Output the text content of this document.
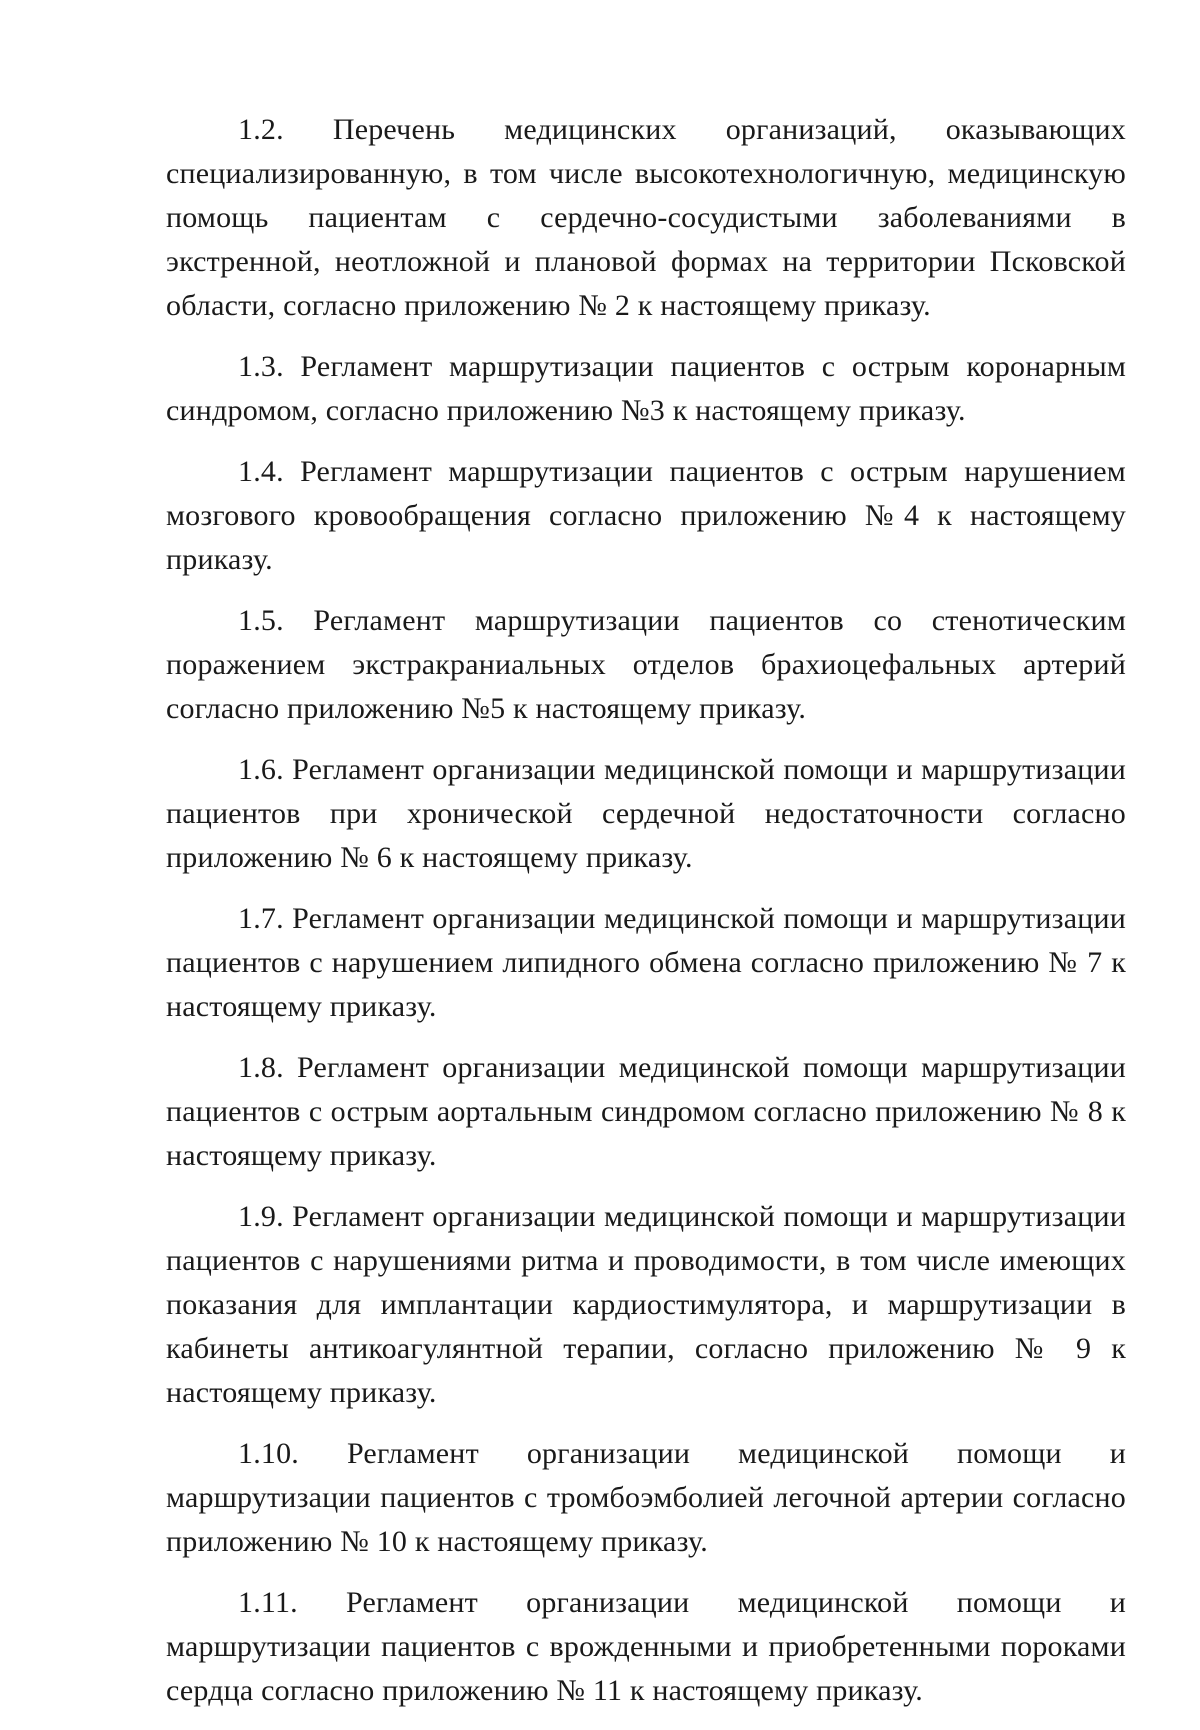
1.2. Перечень медицинских организаций, оказывающих специализированную, в том числе высокотехнологичную, медицинскую помощь пациентам с сердечно-сосудистыми заболеваниями в экстренной, неотложной и плановой формах на территории Псковской области, согласно приложению № 2 к настоящему приказу.

1.3. Регламент маршрутизации пациентов с острым коронарным синдромом, согласно приложению №3 к настоящему приказу.

1.4. Регламент маршрутизации пациентов с острым нарушением мозгового кровообращения согласно приложению №4 к настоящему приказу.

1.5. Регламент маршрутизации пациентов со стенотическим поражением экстракраниальных отделов брахиоцефальных артерий согласно приложению №5 к настоящему приказу.

1.6. Регламент организации медицинской помощи и маршрутизации пациентов при хронической сердечной недостаточности согласно приложению № 6 к настоящему приказу.

1.7. Регламент организации медицинской помощи и маршрутизации пациентов с нарушением липидного обмена согласно приложению № 7 к настоящему приказу.

1.8. Регламент организации медицинской помощи маршрутизации пациентов с острым аортальным синдромом согласно приложению № 8 к настоящему приказу.

1.9. Регламент организации медицинской помощи и маршрутизации пациентов с нарушениями ритма и проводимости, в том числе имеющих показания для имплантации кардиостимулятора, и маршрутизации в кабинеты антикоагулянтной терапии, согласно приложению № 9 к настоящему приказу.

1.10. Регламент организации медицинской помощи и маршрутизации пациентов с тромбоэмболией легочной артерии согласно приложению № 10 к настоящему приказу.

1.11. Регламент организации медицинской помощи и маршрутизации пациентов с врожденными и приобретенными пороками сердца согласно приложению № 11 к настоящему приказу.
